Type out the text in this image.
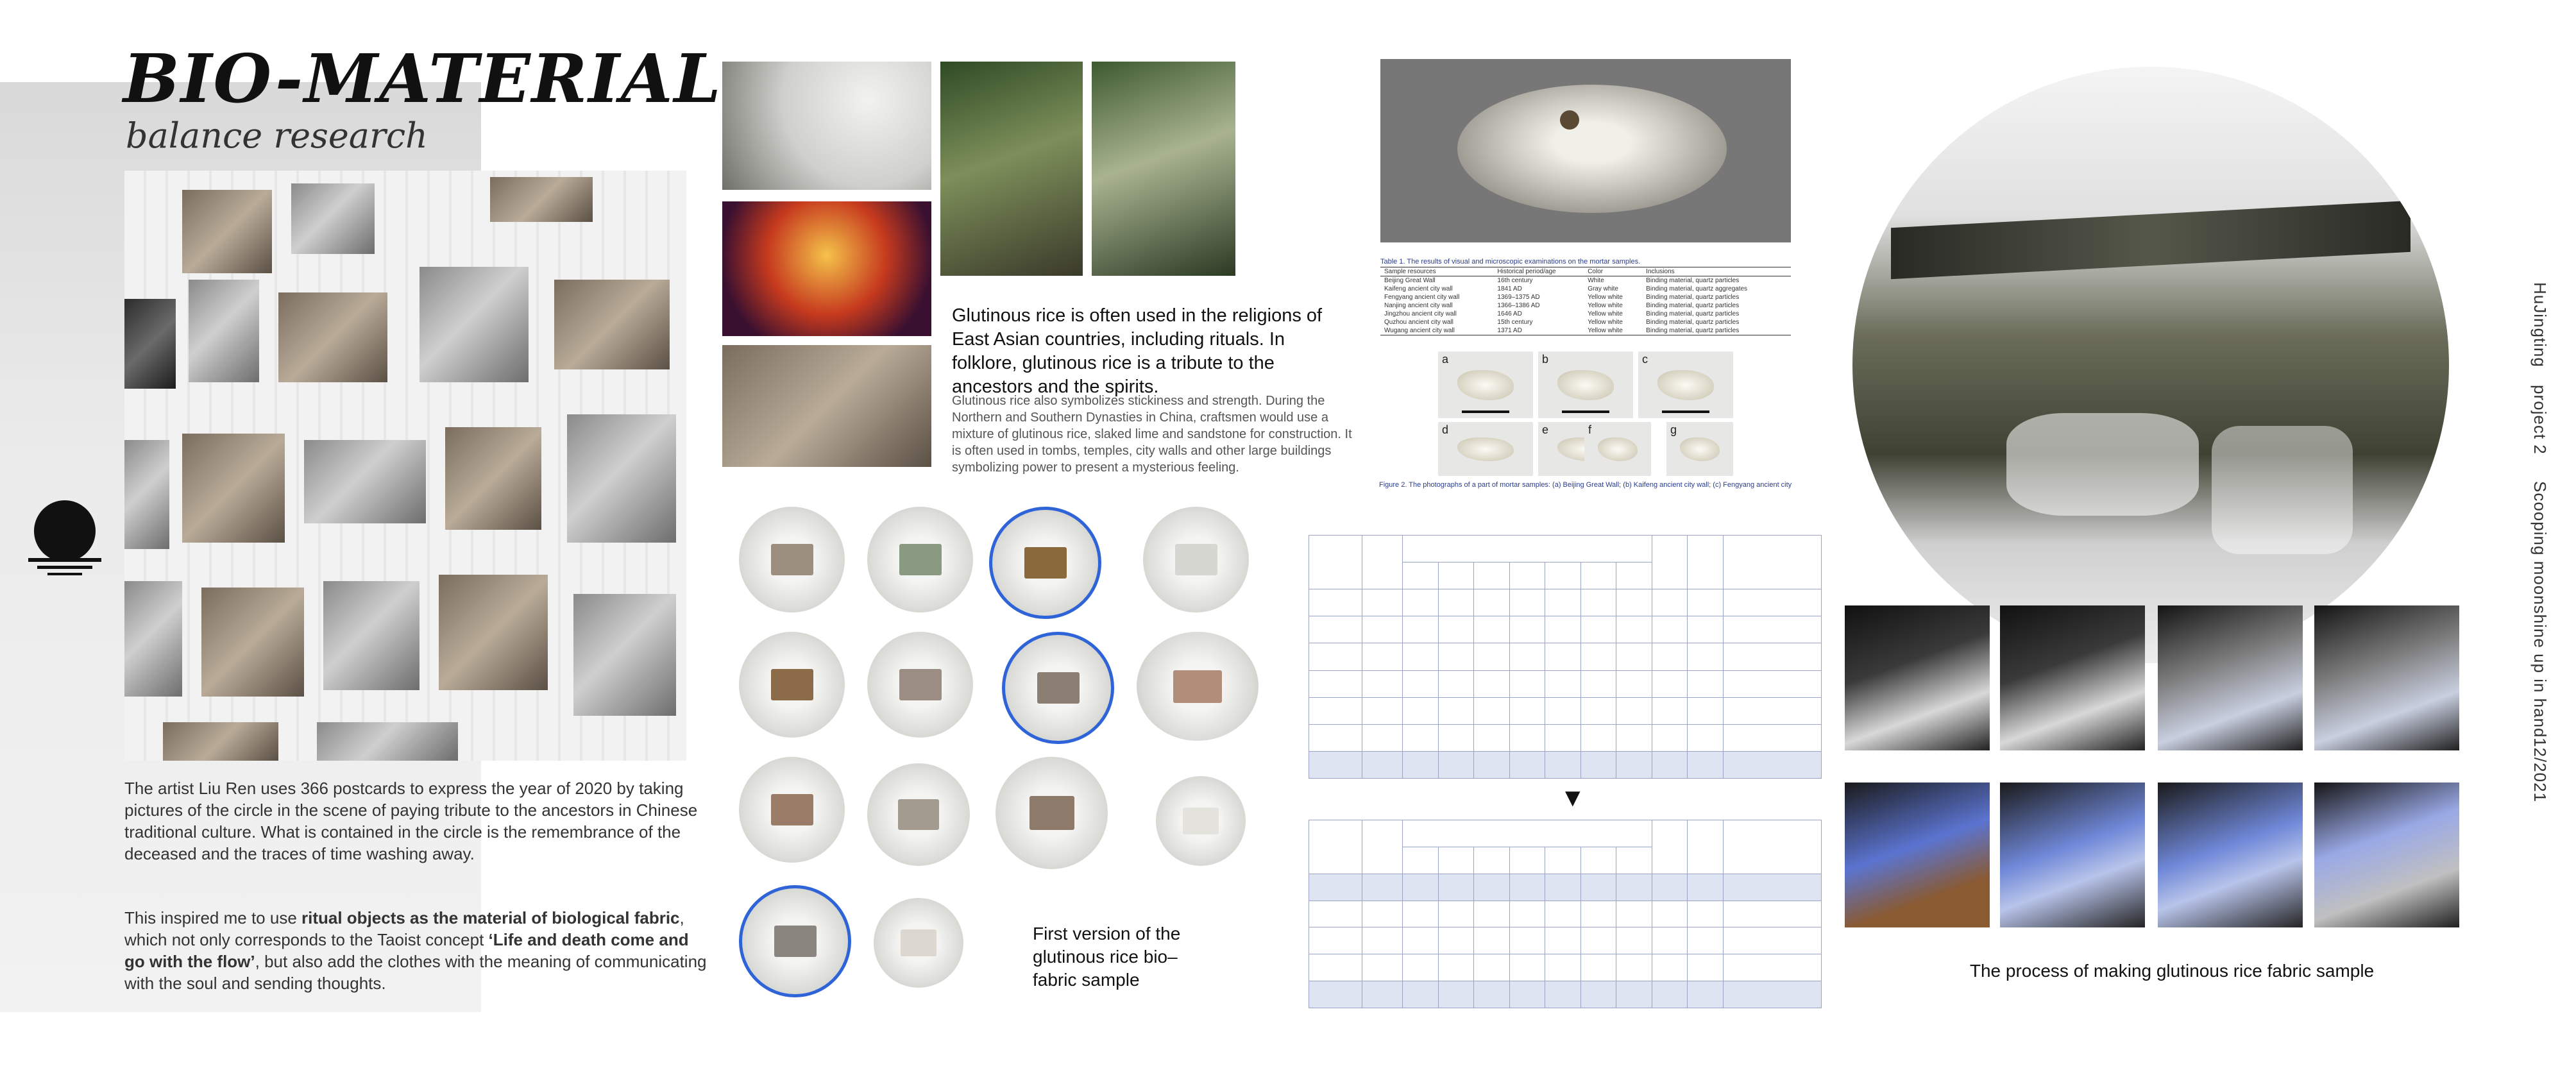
BIO-MATERIAL
balance research
The artist Liu Ren uses 366 postcards to express the year of 2020 by taking pictures of the circle in the scene of paying tribute to the ancestors in Chinese traditional culture. What is contained in the circle is the remembrance of the deceased and the traces of time washing away.
This inspired me to use ritual objects as the material of biological fabric, which not only corresponds to the Taoist concept ‘Life and death come and go with the flow’, but also add the clothes with the meaning of communicating with the soul and sending thoughts.
Glutinous rice is often used in the religions of East Asian countries, including rituals. In folklore, glutinous rice is a tribute to the ancestors and the spirits.
Glutinous rice also symbolizes stickiness and strength. During the Northern and Southern Dynasties in China, craftsmen would use a mixture of glutinous rice, slaked lime and sandstone for construction. It is often used in tombs, temples, city walls and other large buildings symbolizing power to present a mysterious feeling.
First version of the glutinous rice bio–fabric sample
Table 1. The results of visual and microscopic examinations on the mortar samples.
Sample resources	Historical period/age	Color	Inclusions
Beijing Great Wall	16th century	White	Binding material, quartz particles
Kaifeng ancient city wall	1841 AD	Gray white	Binding material, quartz aggregates
Fengyang ancient city wall	1369–1375 AD	Yellow white	Binding material, quartz particles
Nanjing ancient city wall	1366–1386 AD	Yellow white	Binding material, quartz particles
Jingzhou ancient city wall	1646 AD	Yellow white	Binding material, quartz particles
Quzhou ancient city wall	15th century	Yellow white	Binding material, quartz particles
Wugang ancient city wall	1371 AD	Yellow white	Binding material, quartz particles
a	b	c
d	e	f	g
Figure 2. The photographs of a part of mortar samples: (a) Beijing Great Wall; (b) Kaifeng ancient city wall; (c) Fengyang ancient city

▼

The process of making glutinous rice fabric sample
HuJingting
project 2
Scooping moonshine up in hand
12/2021
